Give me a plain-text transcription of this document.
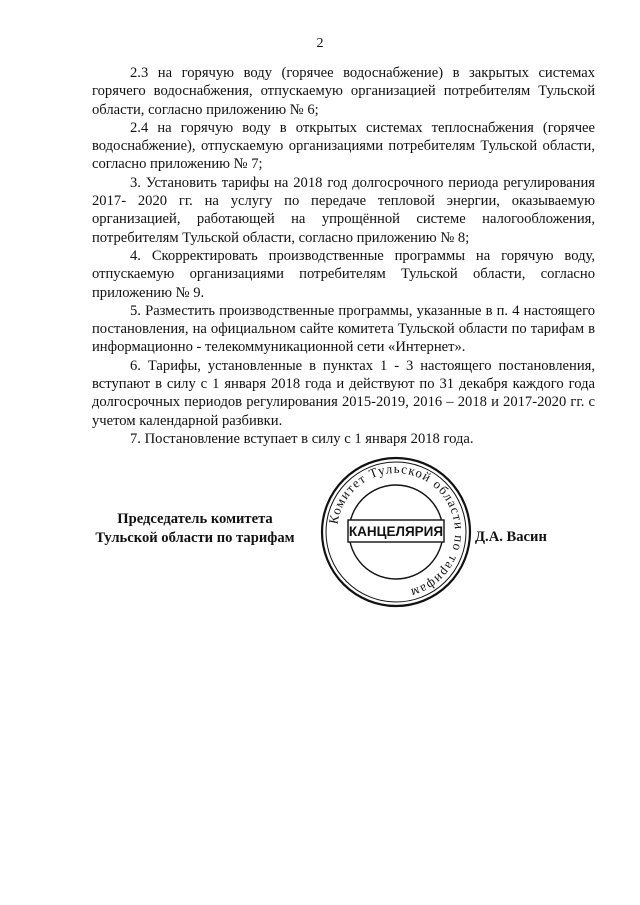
2

2.3 на горячую воду (горячее водоснабжение) в закрытых системах горячего водоснабжения, отпускаемую организацией потребителям Тульской области, согласно приложению № 6;

2.4 на горячую воду в открытых системах теплоснабжения (горячее водоснабжение), отпускаемую организациями потребителям Тульской области, согласно приложению № 7;

3. Установить тарифы на 2018 год долгосрочного периода регулирования 2017- 2020 гг. на услугу по передаче тепловой энергии, оказываемую организацией, работающей на упрощённой системе налогообложения, потребителям Тульской области, согласно приложению № 8;

4. Скорректировать производственные программы на горячую воду, отпускаемую организациями потребителям Тульской области, согласно приложению № 9.

5. Разместить производственные программы, указанные в п. 4 настоящего постановления, на официальном сайте комитета Тульской области по тарифам в информационно - телекоммуникационной сети «Интернет».

6. Тарифы, установленные в пунктах 1 - 3 настоящего постановления, вступают в силу с 1 января 2018 года и действуют по 31 декабря каждого года долгосрочных периодов регулирования 2015-2019, 2016 – 2018 и 2017-2020 гг. с учетом календарной разбивки.

7. Постановление вступает в силу с 1 января 2018 года.

Председатель комитета
Тульской области по тарифам	Д.А. Васин
Комитет Тульской области по тарифам
КАНЦЕЛЯРИЯ
